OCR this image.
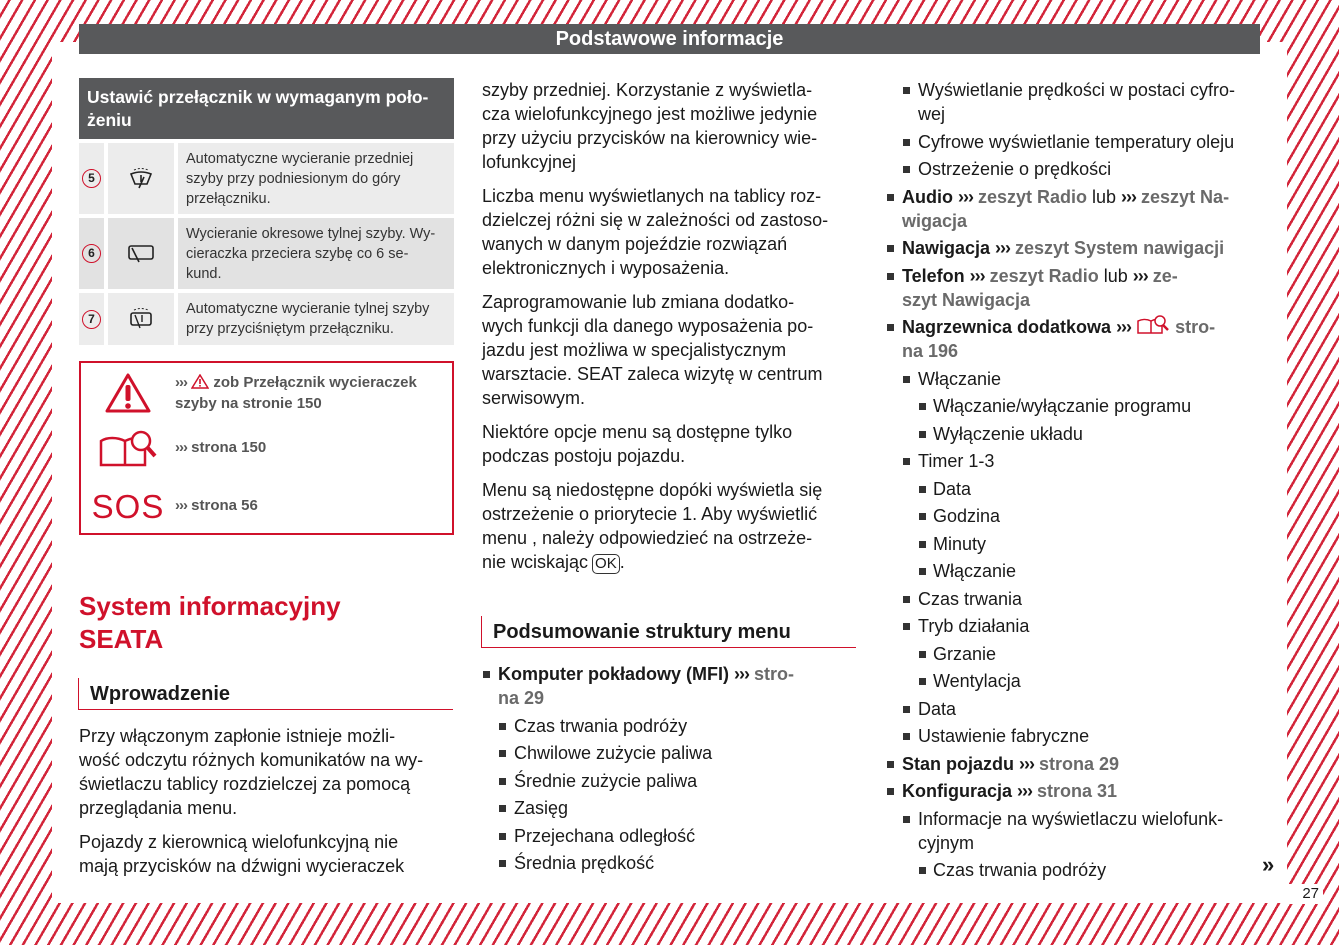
Podstawowe informacje
Ustawić przełącznik w wymaganym poło-
żeniu
5
Automatyczne wycieranie przedniej
szyby przy podniesionym do góry
przełączniku.
6
Wycieranie okresowe tylnej szyby. Wy-
cieraczka przeciera szybę co 6 se-
kund.
7
Automatyczne wycieranie tylnej szyby
przy przyciśniętym przełączniku.
››› zob Przełącznik wycieraczek
szyby na stronie 150
››› strona 150
SOS ››› strona 56
System informacyjny
SEATA
Wprowadzenie
Przy włączonym zapłonie istnieje możli-
wość odczytu różnych komunikatów na wy-
świetlaczu tablicy rozdzielczej za pomocą
przeglądania menu.
Pojazdy z kierownicą wielofunkcyjną nie
mają przycisków na dźwigni wycieraczek
szyby przedniej. Korzystanie z wyświetla-
cza wielofunkcyjnego jest możliwe jedynie
przy użyciu przycisków na kierownicy wie-
lofunkcyjnej
Liczba menu wyświetlanych na tablicy roz-
dzielczej różni się w zależności od zastoso-
wanych w danym pojeździe rozwiązań
elektronicznych i wyposażenia.
Zaprogramowanie lub zmiana dodatko-
wych funkcji dla danego wyposażenia po-
jazdu jest możliwa w specjalistycznym
warsztacie. SEAT zaleca wizytę w centrum
serwisowym.
Niektóre opcje menu są dostępne tylko
podczas postoju pojazdu.
Menu są niedostępne dopóki wyświetla się
ostrzeżenie o priorytecie 1. Aby wyświetlić
menu , należy odpowiedzieć na ostrzeże-
nie wciskając OK .
Podsumowanie struktury menu
Komputer pokładowy (MFI) ››› stro-
na 29
Czas trwania podróży
Chwilowe zużycie paliwa
Średnie zużycie paliwa
Zasięg
Przejechana odległość
Średnia prędkość
Wyświetlanie prędkości w postaci cyfro-
wej
Cyfrowe wyświetlanie temperatury oleju
Ostrzeżenie o prędkości
Audio ››› zeszyt Radio lub ››› zeszyt Na-
wigacja
Nawigacja ››› zeszyt System nawigacji
Telefon ››› zeszyt Radio lub ››› ze-
szyt Nawigacja
Nagrzewnica dodatkowa ›››  stro-
na 196
Włączanie
Włączanie/wyłączanie programu
Wyłączenie układu
Timer 1-3
Data
Godzina
Minuty
Włączanie
Czas trwania
Tryb działania
Grzanie
Wentylacja
Data
Ustawienie fabryczne
Stan pojazdu ››› strona 29
Konfiguracja ››› strona 31
Informacje na wyświetlaczu wielofunk-
cyjnym
Czas trwania podróży	»
27
